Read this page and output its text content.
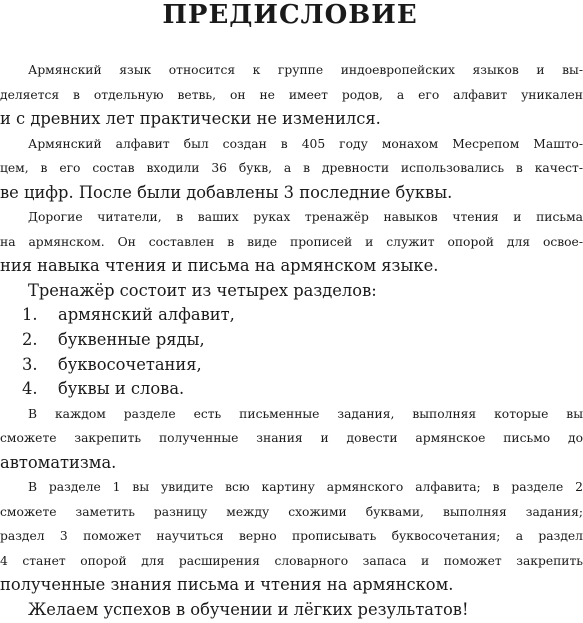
ПРЕДИСЛОВИЕ
Армянский язык относится к группе индоевропейских языков и вы-
деляется в отдельную ветвь, он не имеет родов, а его алфавит уникален
и с древних лет практически не изменился.
Армянский алфавит был создан в 405 году монахом Месрепом Машто-
цем, в его состав входили 36 букв, а в древности использовались в качест-
ве цифр. После были добавлены 3 последние буквы.
Дорогие читатели, в ваших руках тренажёр навыков чтения и письма
на армянском. Он составлен в виде прописей и служит опорой для освое-
ния навыка чтения и письма на армянском языке.
Тренажёр состоит из четырех разделов:
1. армянский алфавит,
2. буквенные ряды,
3. буквосочетания,
4. буквы и слова.
В каждом разделе есть письменные задания, выполняя которые вы
сможете закрепить полученные знания и довести армянское письмо до
автоматизма.
В разделе 1 вы увидите всю картину армянского алфавита; в разделе 2
сможете заметить разницу между схожими буквами, выполняя задания;
раздел 3 поможет научиться верно прописывать буквосочетания; а раздел
4 станет опорой для расширения словарного запаса и поможет закрепить
полученные знания письма и чтения на армянском.
Желаем успехов в обучении и лёгких результатов!
